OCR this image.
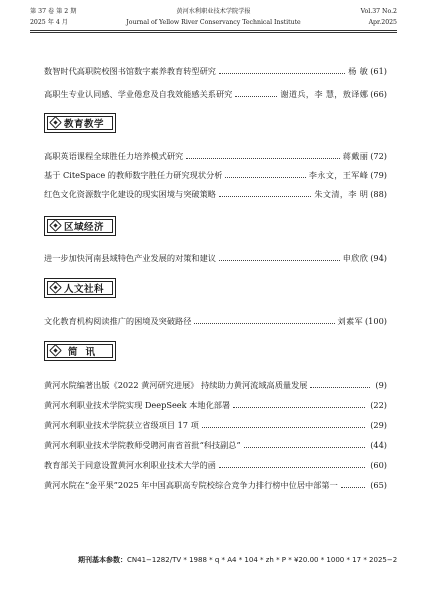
第 37 卷 第 2 期	黄河水利职业技术学院学报	Vol.37 No.2
2025 年 4 月	Journal of Yellow River Conservancy Technical Institute	Apr.2025
数智时代高职院校图书馆数字素养教育转型研究	杨 敏 (61)
高职生专业认同感、学业倦怠及自我效能感关系研究	谢道兵，李 慧，敖译娜 (66)
教育教学
高职英语课程全球胜任力培养模式研究	蒋戴丽 (72)
基于 CiteSpace 的教师数字胜任力研究现状分析	李永文，王军峰 (79)
红色文化资源数字化建设的现实困境与突破策略	朱文清，李 明 (88)
区域经济
进一步加快河南县域特色产业发展的对策和建议	申欣欣 (94)
人文社科
文化教育机构阅读推广的困境及突破路径	刘素军 (100)
简讯
黄河水院编著出版《2022 黄河研究进展》 持续助力黄河流域高质量发展	(9)
黄河水利职业技术学院实现 DeepSeek 本地化部署	(22)
黄河水利职业技术学院获立省级项目 17 项	(29)
黄河水利职业技术学院教师受聘河南省首批“科技副总”	(44)
教育部关于同意设置黄河水利职业技术大学的函	(60)
黄河水院在“金平果”2025 年中国高职高专院校综合竞争力排行榜中位居中部第一	(65)
期刊基本参数：CN41−1282/TV * 1988 * q * A4 * 104 * zh * P * ¥20.00 * 1000 * 17 * 2025−2
